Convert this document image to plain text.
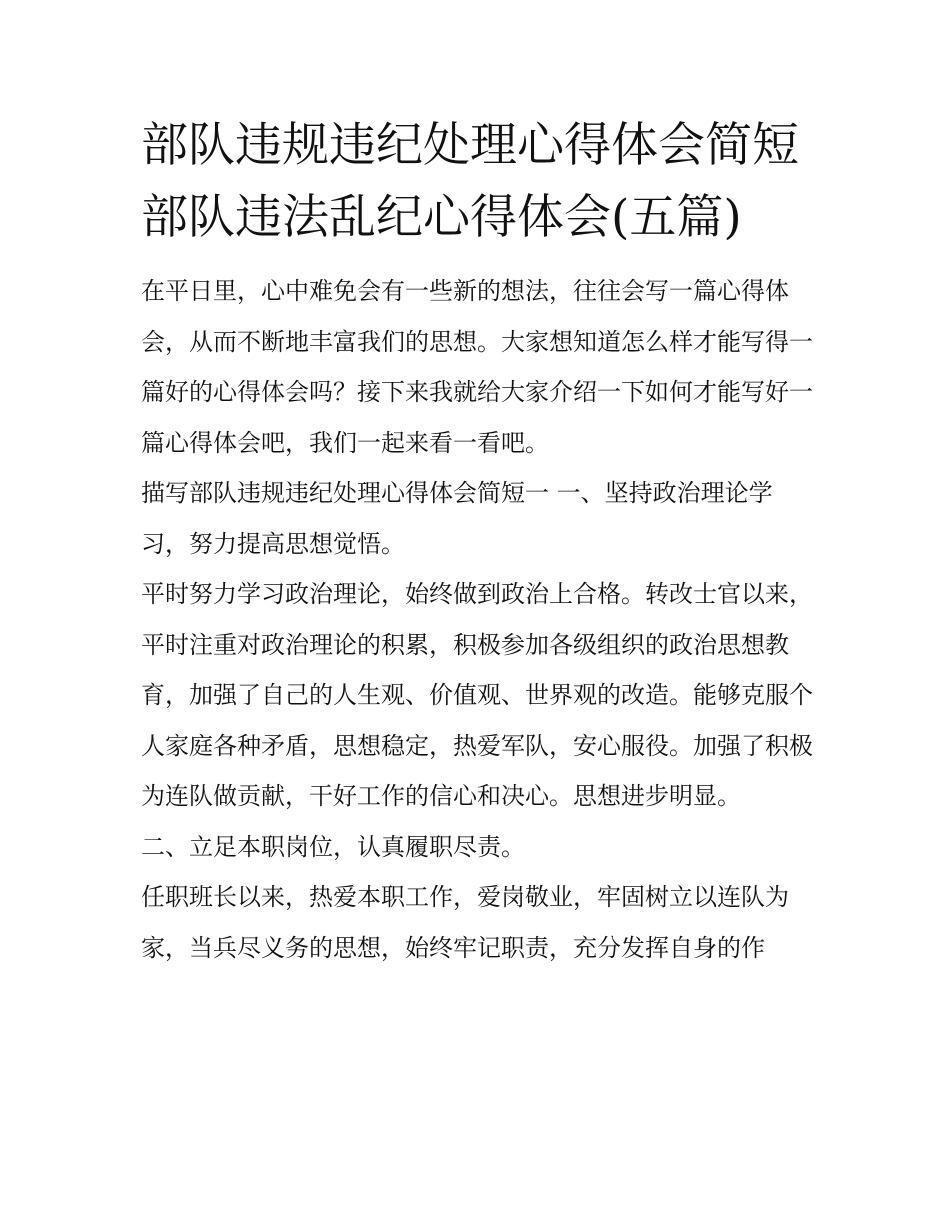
部队违规违纪处理心得体会简短 部队违法乱纪心得体会(五篇)

在平日里，心中难免会有一些新的想法，往往会写一篇心得体会，从而不断地丰富我们的思想。大家想知道怎么样才能写得一篇好的心得体会吗？接下来我就给大家介绍一下如何才能写好一篇心得体会吧，我们一起来看一看吧。

描写部队违规违纪处理心得体会简短一 一、坚持政治理论学习，努力提高思想觉悟。

平时努力学习政治理论，始终做到政治上合格。转改士官以来，平时注重对政治理论的积累，积极参加各级组织的政治思想教育，加强了自己的人生观、价值观、世界观的改造。能够克服个人家庭各种矛盾，思想稳定，热爱军队，安心服役。加强了积极为连队做贡献，干好工作的信心和决心。思想进步明显。

二、立足本职岗位，认真履职尽责。

任职班长以来，热爱本职工作，爱岗敬业，牢固树立以连队为家，当兵尽义务的思想，始终牢记职责，充分发挥自身的作
